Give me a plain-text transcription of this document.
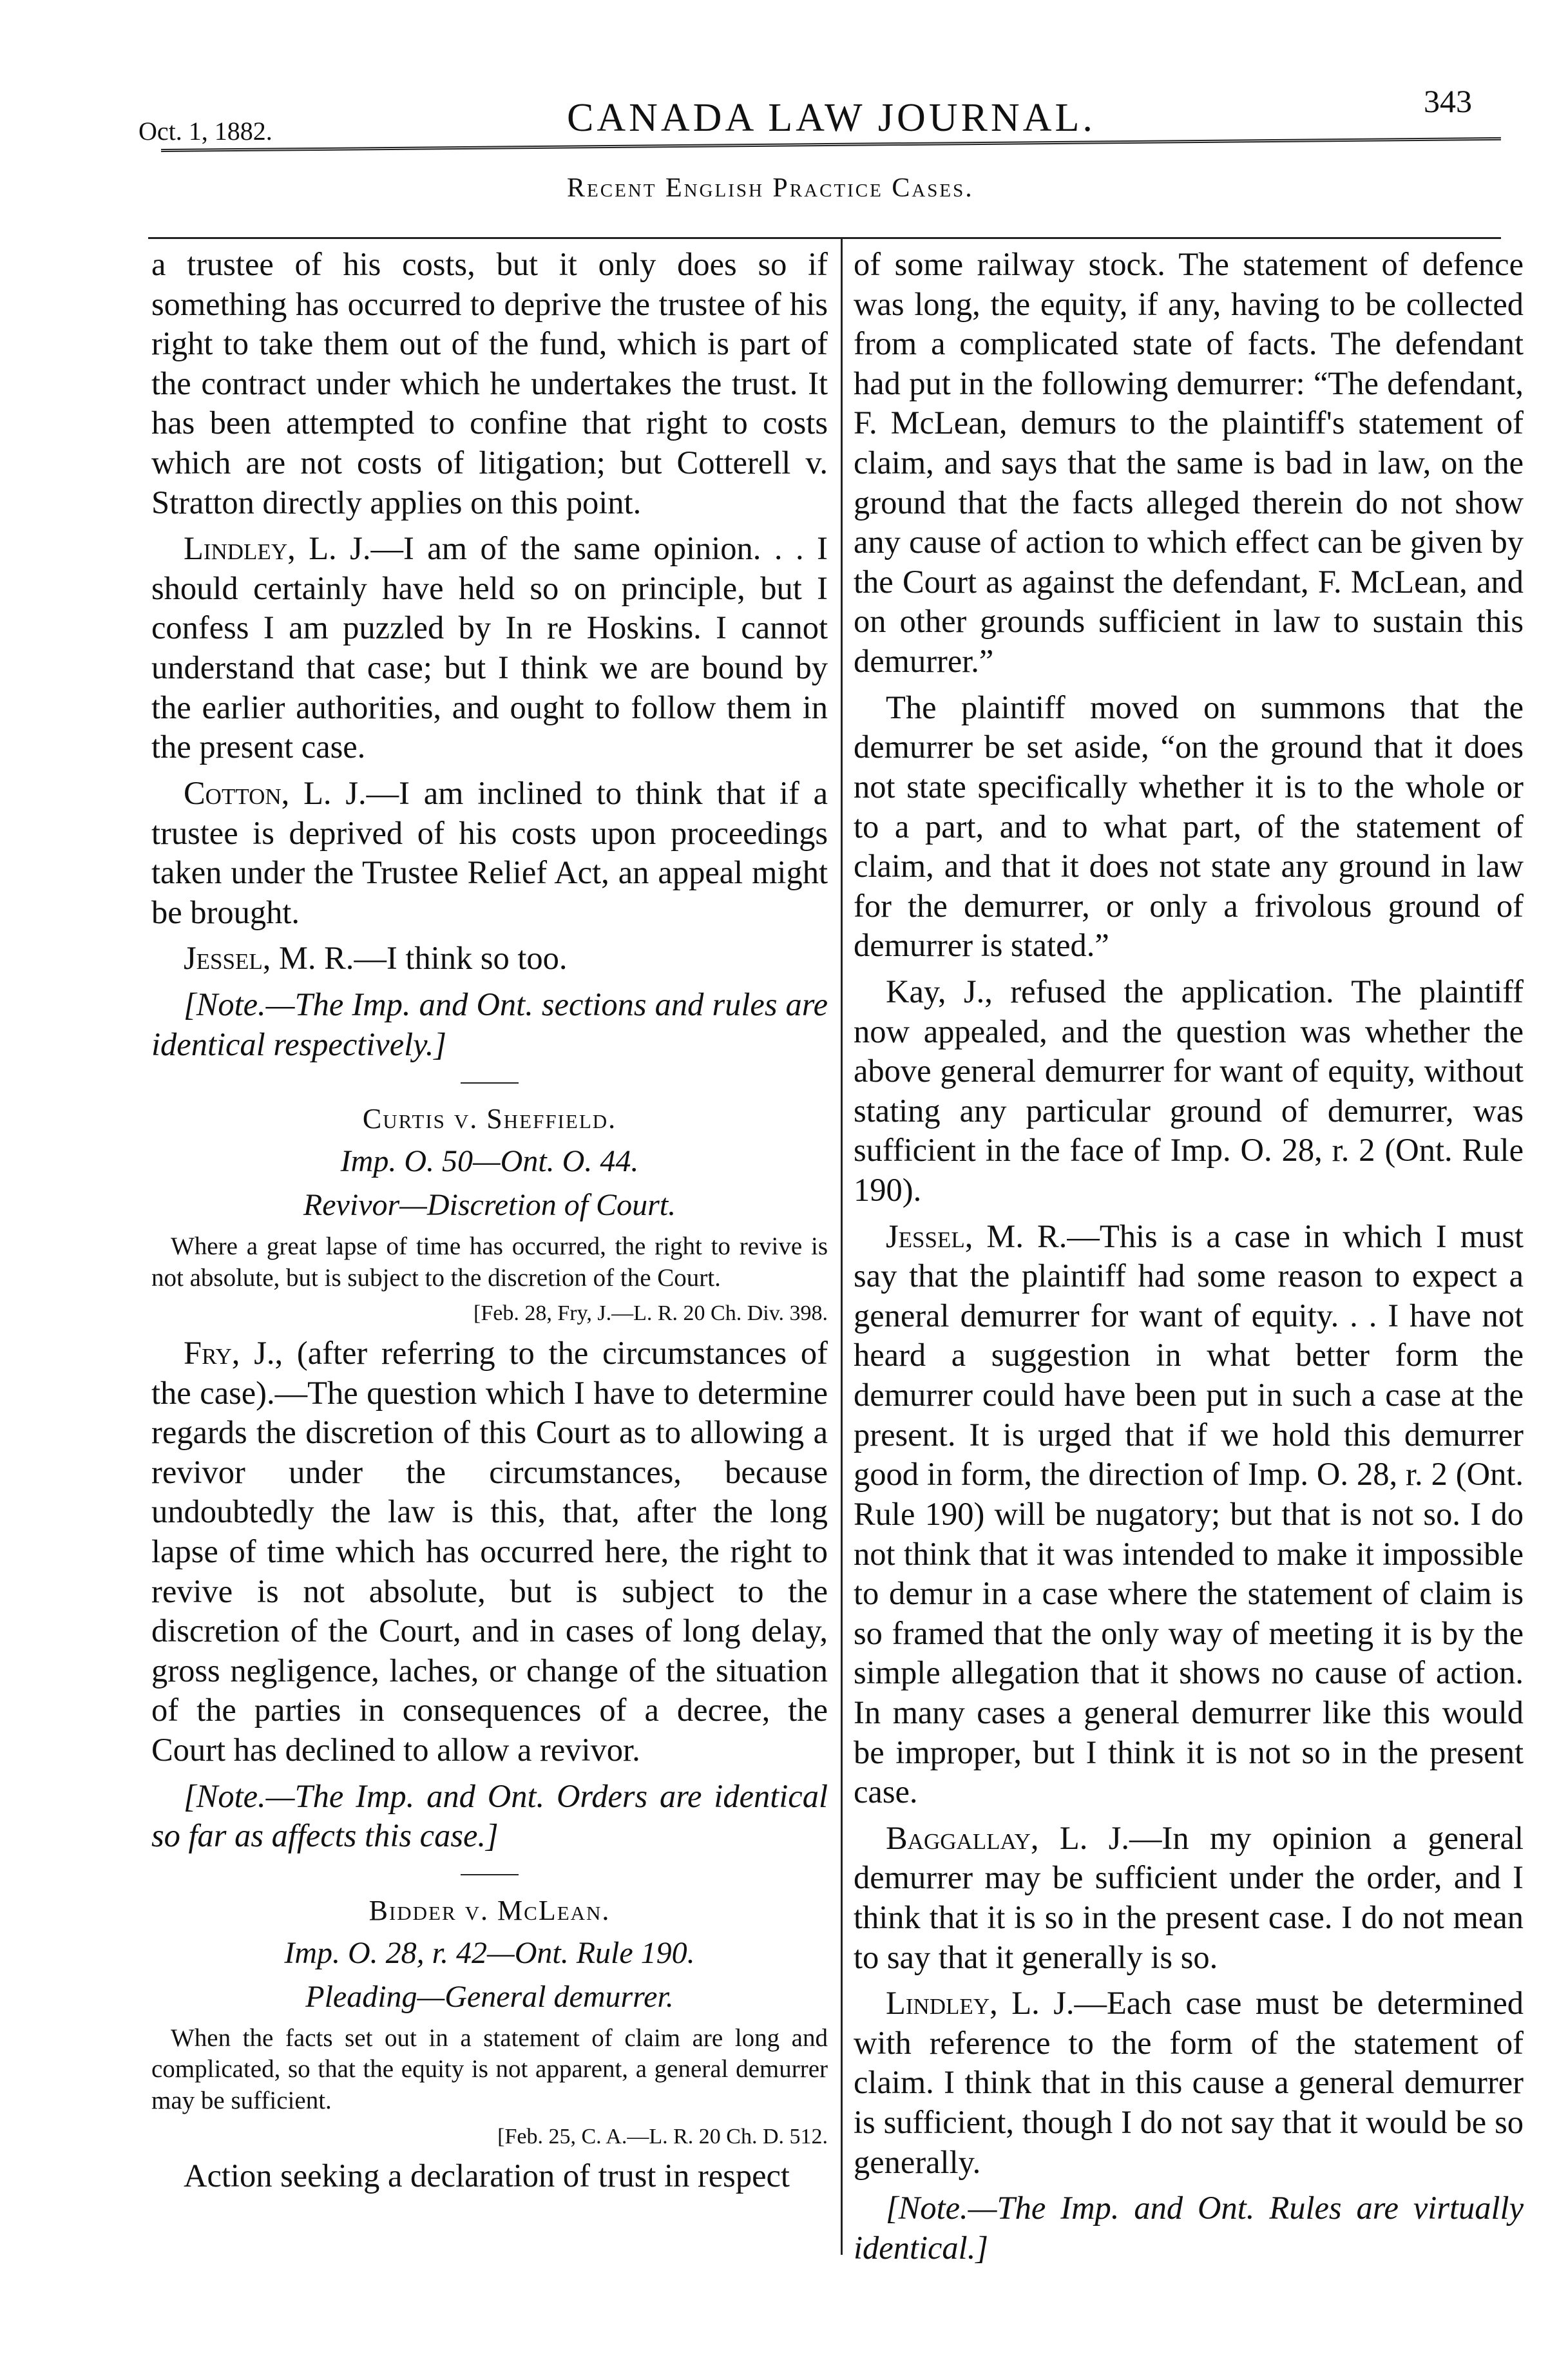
Oct. 1, 1882.	CANADA LAW JOURNAL.	343
Recent English Practice Cases.

a trustee of his costs, but it only does so if something has occurred to deprive the trustee of his right to take them out of the fund, which is part of the contract under which he undertakes the trust. It has been attempted to confine that right to costs which are not costs of litigation; but Cotterell v. Stratton directly applies on this point.

Lindley, L. J.—I am of the same opinion. . . I should certainly have held so on principle, but I confess I am puzzled by In re Hoskins. I cannot understand that case; but I think we are bound by the earlier authorities, and ought to follow them in the present case.

Cotton, L. J.—I am inclined to think that if a trustee is deprived of his costs upon proceedings taken under the Trustee Relief Act, an appeal might be brought.

Jessel, M. R.—I think so too.

[Note.—The Imp. and Ont. sections and rules are identical respectively.]

Curtis v. Sheffield.

Imp. O. 50—Ont. O. 44.

Revivor—Discretion of Court.

Where a great lapse of time has occurred, the right to revive is not absolute, but is subject to the discretion of the Court.

[Feb. 28, Fry, J.—L. R. 20 Ch. Div. 398.

Fry, J., (after referring to the circumstances of the case).—The question which I have to determine regards the discretion of this Court as to allowing a revivor under the circumstances, because undoubtedly the law is this, that, after the long lapse of time which has occurred here, the right to revive is not absolute, but is subject to the discretion of the Court, and in cases of long delay, gross negligence, laches, or change of the situation of the parties in consequences of a decree, the Court has declined to allow a revivor.

[Note.—The Imp. and Ont. Orders are identical so far as affects this case.]

Bidder v. McLean.

Imp. O. 28, r. 42—Ont. Rule 190.

Pleading—General demurrer.

When the facts set out in a statement of claim are long and complicated, so that the equity is not apparent, a general demurrer may be sufficient.

[Feb. 25, C. A.—L. R. 20 Ch. D. 512.

Action seeking a declaration of trust in respect

of some railway stock. The statement of defence was long, the equity, if any, having to be collected from a complicated state of facts. The defendant had put in the following demurrer: “The defendant, F. McLean, demurs to the plaintiff's statement of claim, and says that the same is bad in law, on the ground that the facts alleged therein do not show any cause of action to which effect can be given by the Court as against the defendant, F. McLean, and on other grounds sufficient in law to sustain this demurrer.”

The plaintiff moved on summons that the demurrer be set aside, “on the ground that it does not state specifically whether it is to the whole or to a part, and to what part, of the statement of claim, and that it does not state any ground in law for the demurrer, or only a frivolous ground of demurrer is stated.”

Kay, J., refused the application. The plaintiff now appealed, and the question was whether the above general demurrer for want of equity, without stating any particular ground of demurrer, was sufficient in the face of Imp. O. 28, r. 2 (Ont. Rule 190).

Jessel, M. R.—This is a case in which I must say that the plaintiff had some reason to expect a general demurrer for want of equity. . . I have not heard a suggestion in what better form the demurrer could have been put in such a case at the present. It is urged that if we hold this demurrer good in form, the direction of Imp. O. 28, r. 2 (Ont. Rule 190) will be nugatory; but that is not so. I do not think that it was intended to make it impossible to demur in a case where the statement of claim is so framed that the only way of meeting it is by the simple allegation that it shows no cause of action. In many cases a general demurrer like this would be improper, but I think it is not so in the present case.

Baggallay, L. J.—In my opinion a general demurrer may be sufficient under the order, and I think that it is so in the present case. I do not mean to say that it generally is so.

Lindley, L. J.—Each case must be determined with reference to the form of the statement of claim. I think that in this cause a general demurrer is sufficient, though I do not say that it would be so generally.

[Note.—The Imp. and Ont. Rules are virtually identical.]
